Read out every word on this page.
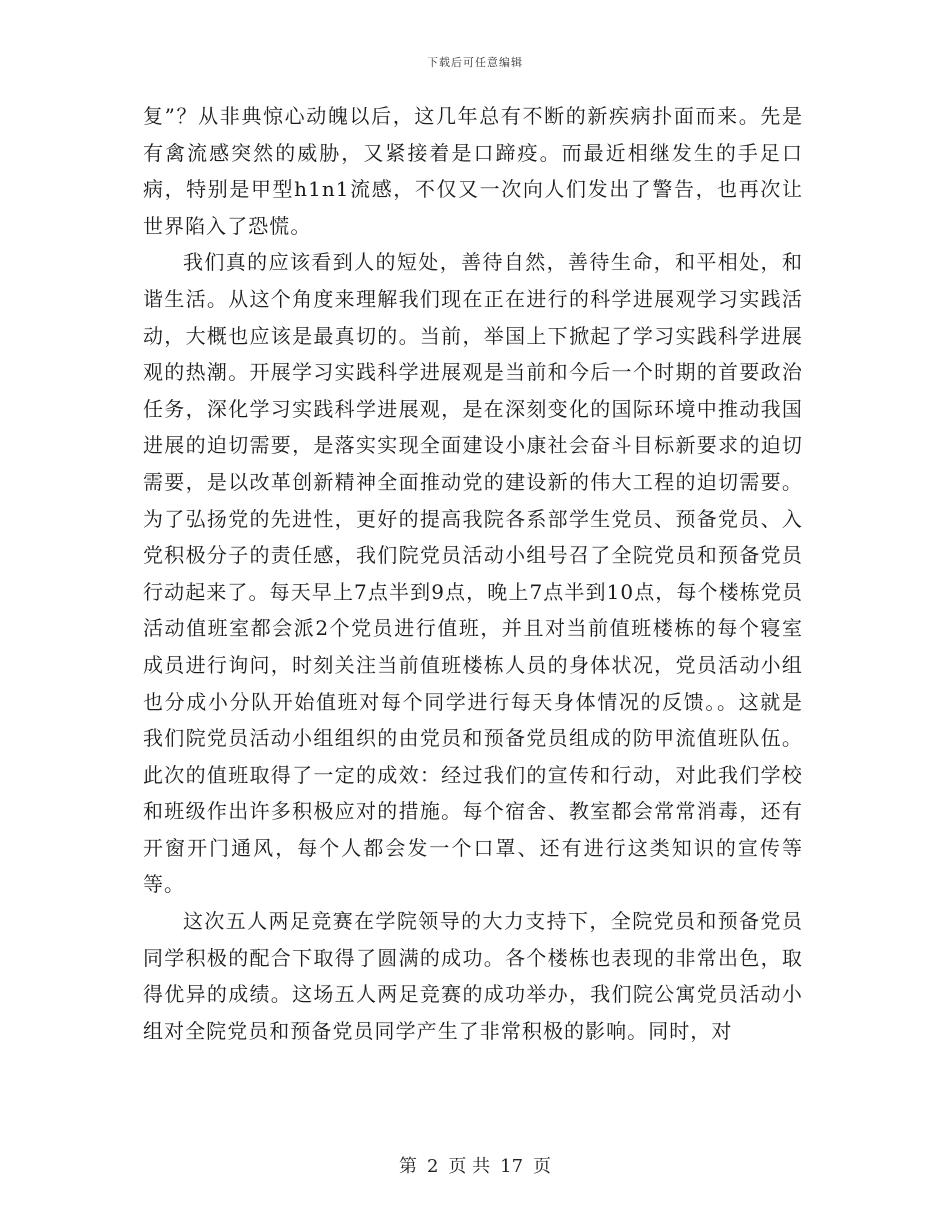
下载后可任意编辑

复”？从非典惊心动魄以后，这几年总有不断的新疾病扑面而来。先是有禽流感突然的威胁，又紧接着是口蹄疫。而最近相继发生的手足口病，特别是甲型h1n1流感，不仅又一次向人们发出了警告，也再次让世界陷入了恐慌。

我们真的应该看到人的短处，善待自然，善待生命，和平相处，和谐生活。从这个角度来理解我们现在正在进行的科学进展观学习实践活动，大概也应该是最真切的。当前，举国上下掀起了学习实践科学进展观的热潮。开展学习实践科学进展观是当前和今后一个时期的首要政治任务，深化学习实践科学进展观，是在深刻变化的国际环境中推动我国进展的迫切需要，是落实实现全面建设小康社会奋斗目标新要求的迫切需要，是以改革创新精神全面推动党的建设新的伟大工程的迫切需要。为了弘扬党的先进性，更好的提高我院各系部学生党员、预备党员、入党积极分子的责任感，我们院党员活动小组号召了全院党员和预备党员行动起来了。每天早上7点半到9点，晚上7点半到10点，每个楼栋党员活动值班室都会派2个党员进行值班，并且对当前值班楼栋的每个寝室成员进行询问，时刻关注当前值班楼栋人员的身体状况，党员活动小组也分成小分队开始值班对每个同学进行每天身体情况的反馈。。这就是我们院党员活动小组组织的由党员和预备党员组成的防甲流值班队伍。此次的值班取得了一定的成效：经过我们的宣传和行动，对此我们学校和班级作出许多积极应对的措施。每个宿舍、教室都会常常消毒，还有开窗开门通风，每个人都会发一个口罩、还有进行这类知识的宣传等等。

这次五人两足竞赛在学院领导的大力支持下，全院党员和预备党员同学积极的配合下取得了圆满的成功。各个楼栋也表现的非常出色，取得优异的成绩。这场五人两足竞赛的成功举办，我们院公寓党员活动小组对全院党员和预备党员同学产生了非常积极的影响。同时，对

第 2 页 共 17 页
